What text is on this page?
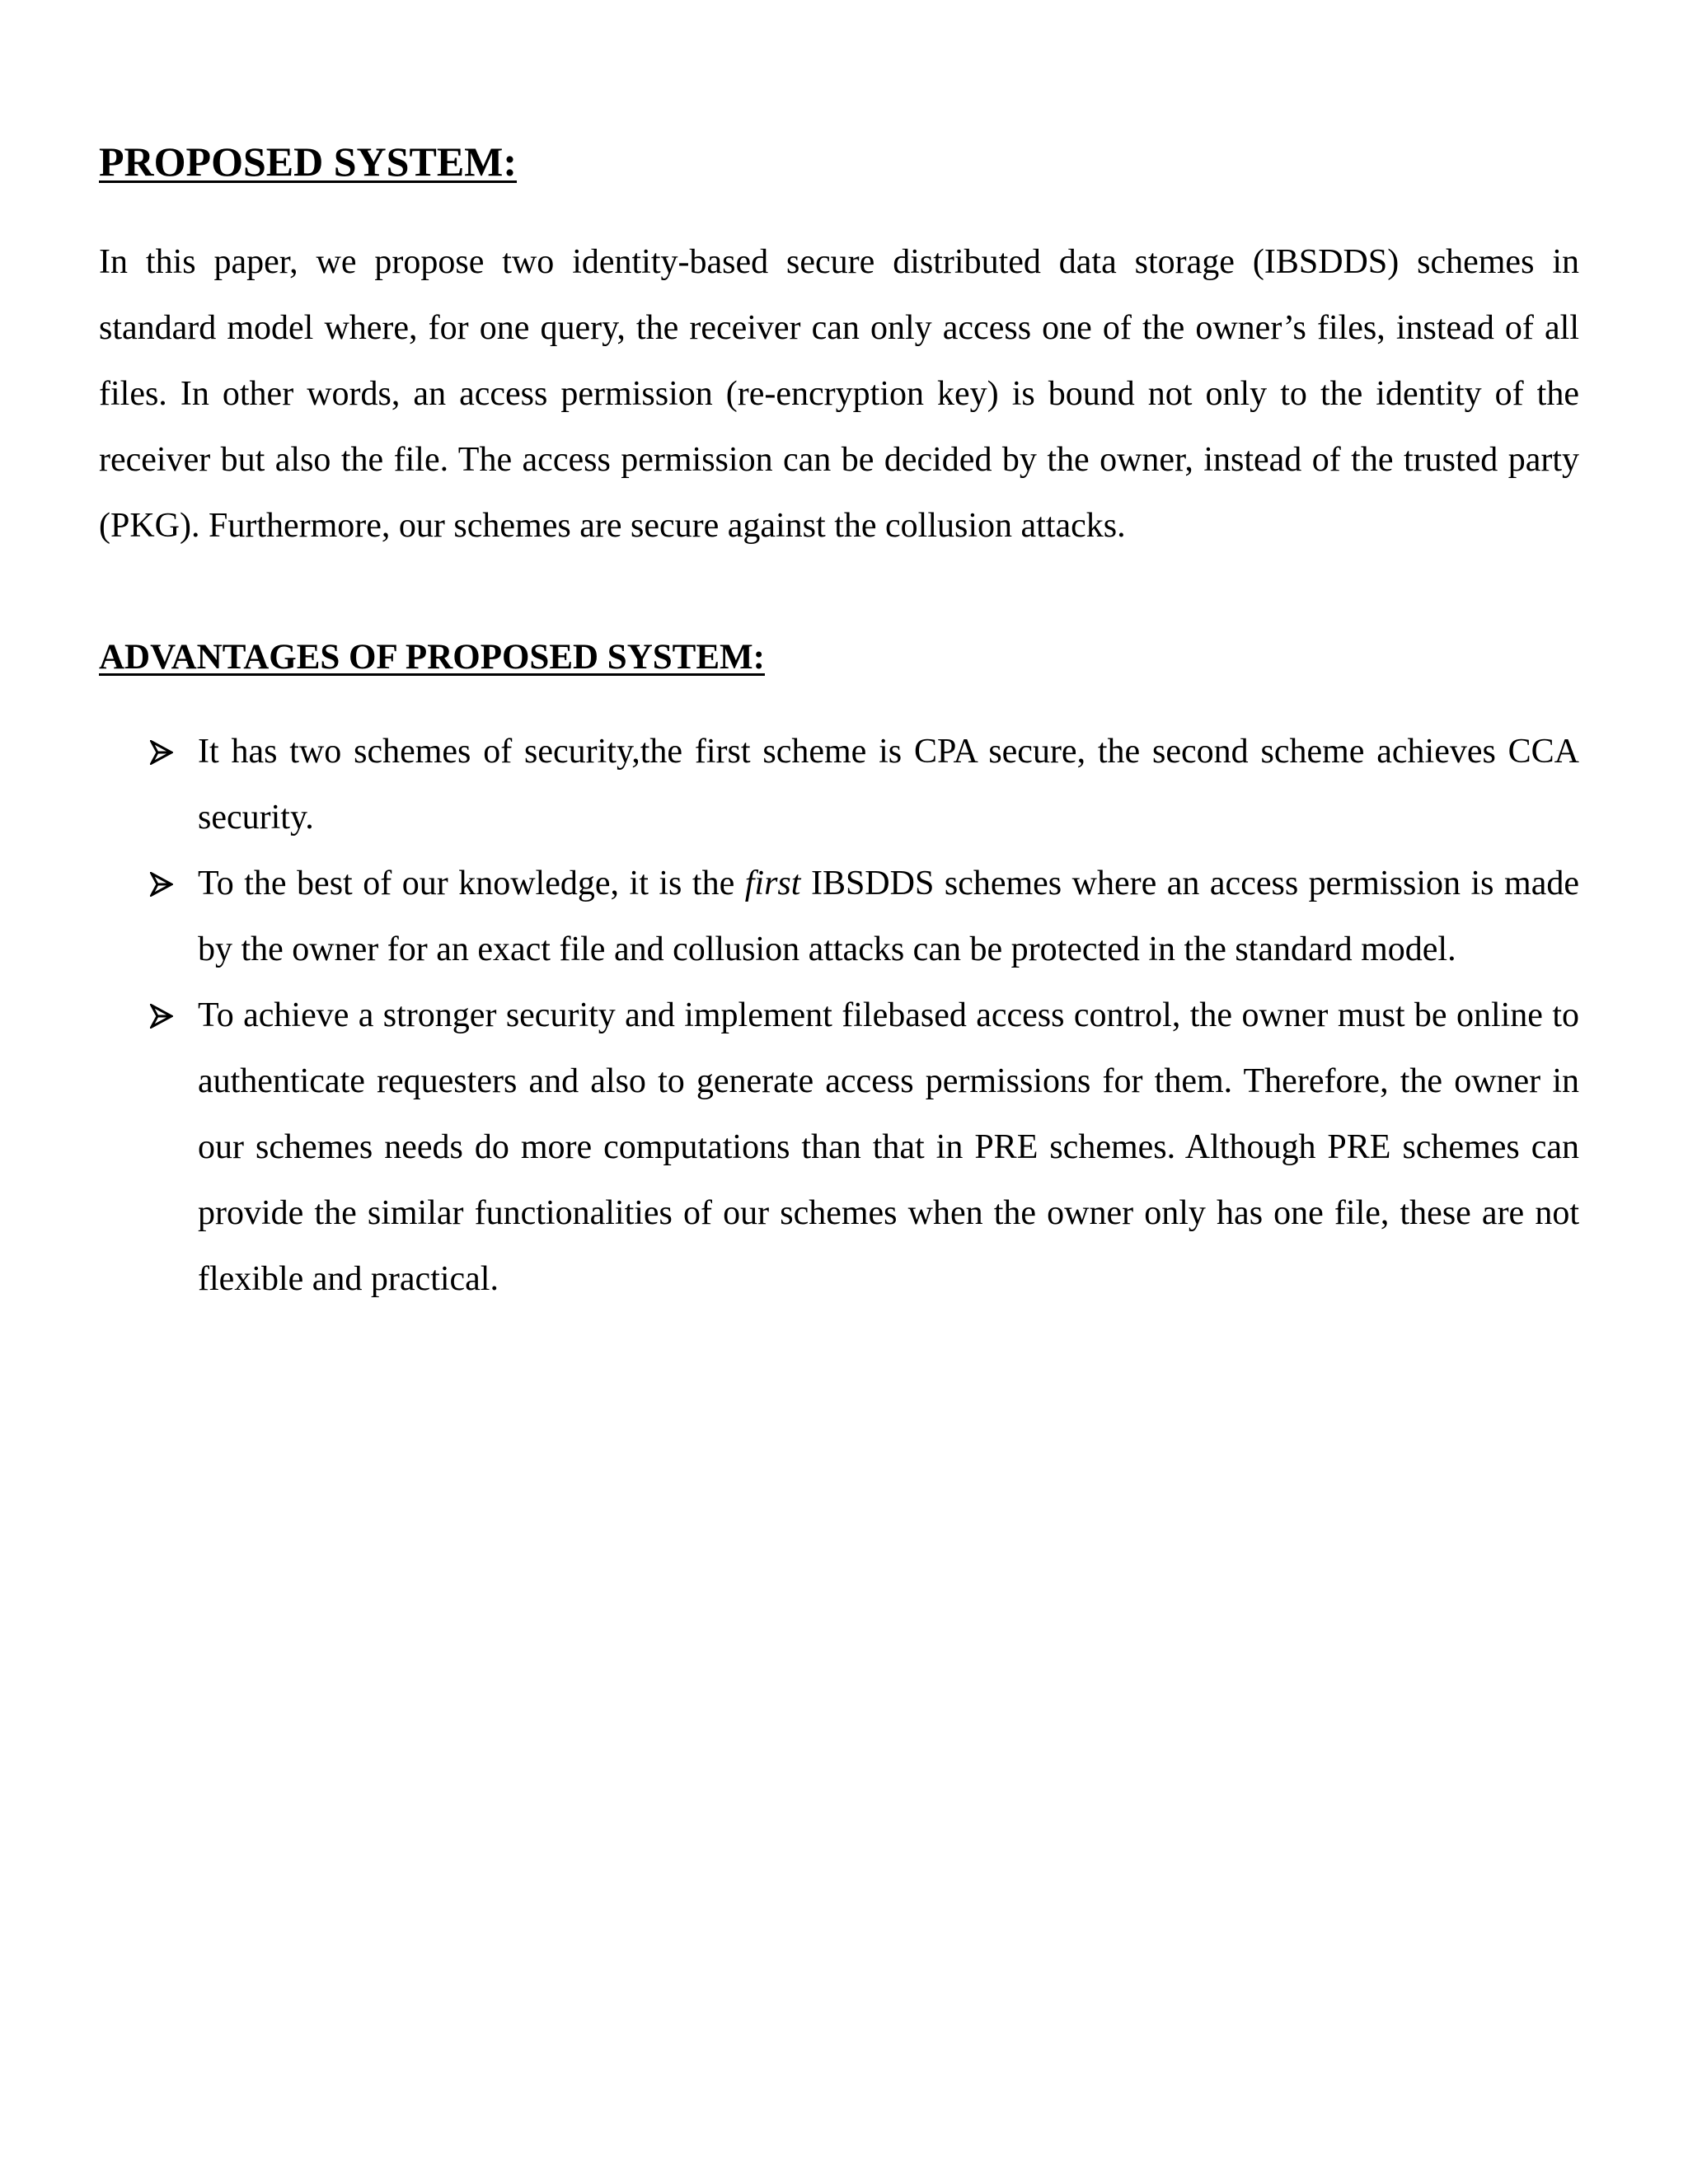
PROPOSED SYSTEM:

In this paper, we propose two identity-based secure distributed data storage (IBSDDS) schemes in standard model where, for one query, the receiver can only access one of the owner’s files, instead of all files. In other words, an access permission (re-encryption key) is bound not only to the identity of the receiver but also the file. The access permission can be decided by the owner, instead of the trusted party (PKG). Furthermore, our schemes are secure against the collusion attacks.

ADVANTAGES OF PROPOSED SYSTEM:
It has two schemes of security,the first scheme is CPA secure, the second scheme achieves CCA security.
To the best of our knowledge, it is the first IBSDDS schemes where an access permission is made by the owner for an exact file and collusion attacks can be protected in the standard model.
To achieve a stronger security and implement filebased access control, the owner must be online to authenticate requesters and also to generate access permissions for them. Therefore, the owner in our schemes needs do more computations than that in PRE schemes. Although PRE schemes can provide the similar functionalities of our schemes when the owner only has one file, these are not flexible and practical.
